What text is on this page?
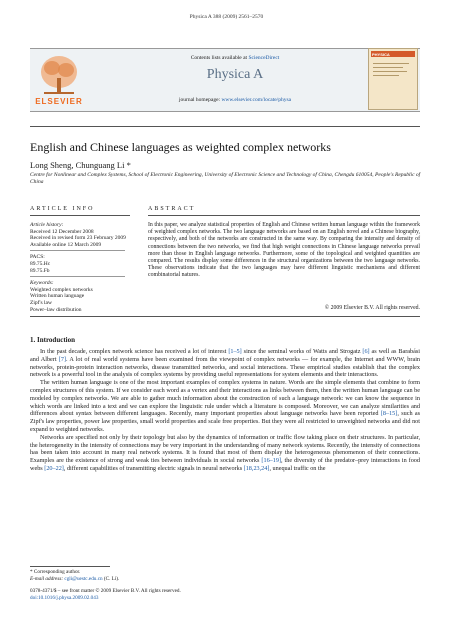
Physica A 388 (2009) 2561–2570
ELSEVIER
Contents lists available at ScienceDirect
Physica A
journal homepage: www.elsevier.com/locate/physa
PHYSICA
English and Chinese languages as weighted complex networks
Long Sheng, Chunguang Li *
Centre for Nonlinear and Complex Systems, School of Electronic Engineering, University of Electronic Science and Technology of China, Chengdu 610054, People's Republic of China
ARTICLE INFO	ABSTRACT
Article history:
Received 12 December 2008
Received in revised form 23 February 2009
Available online 12 March 2009
PACS:
89.75.Hc
89.75.Fb
Keywords:
Weighted complex networks
Written human language
Zipf's law
Power–law distribution
In this paper, we analyze statistical properties of English and Chinese written human language within the framework of weighted complex networks. The two language networks are based on an English novel and a Chinese biography, respectively, and both of the networks are constructed in the same way. By comparing the intensity and density of connections between the two networks, we find that high weight connections in Chinese language networks prevail more than those in English language networks. Furthermore, some of the topological and weighted quantities are compared. The results display some differences in the structural organizations between the two language networks. These observations indicate that the two languages may have different linguistic mechanisms and different combinatorial natures.
© 2009 Elsevier B.V. All rights reserved.
1. Introduction

In the past decade, complex network science has received a lot of interest [1–5] since the seminal works of Watts and Strogatz [6] as well as Barabási and Albert [7]. A lot of real world systems have been examined from the viewpoint of complex networks — for example, the Internet and WWW, brain networks, protein-protein interaction networks, disease transmitted networks, and social interactions. These empirical studies establish that the complex network is a powerful tool in the analysis of complex systems by providing useful representations for system elements and their interactions.

The written human language is one of the most important examples of complex systems in nature. Words are the simple elements that combine to form complex structures of this system. If we consider each word as a vertex and their interactions as links between them, then the written human language can be modeled by complex networks. We are able to gather much information about the construction of such a language network: we can know the sequence in which words are linked into a text and we can explore the linguistic rule under which a literature is composed. Moreover, we can analyze similarities and differences about syntax between different languages. Recently, many important properties about language networks have been reported [8–15], such as Zipf's law properties, power law properties, small world properties and scale free properties. But they were all restricted to unweighted networks and did not expand to weighted networks.

Networks are specified not only by their topology but also by the dynamics of information or traffic flow taking place on their structures. In particular, the heterogeneity in the intensity of connections may be very important in the understanding of many network systems. Recently, the intensity of connections has been taken into account in many real network systems. It is found that most of them display the heterogeneous phenomenon of their connections. Examples are the existence of strong and weak ties between individuals in social networks [16–19], the diversity of the predator–prey interactions in food webs [20–22], different capabilities of transmitting electric signals in neural networks [18,23,24], unequal traffic on the

* Corresponding author.
E-mail address: cgli@uestc.edu.cn (C. Li).
0378-4371/$ – see front matter © 2009 Elsevier B.V. All rights reserved.
doi:10.1016/j.physa.2009.02.043
